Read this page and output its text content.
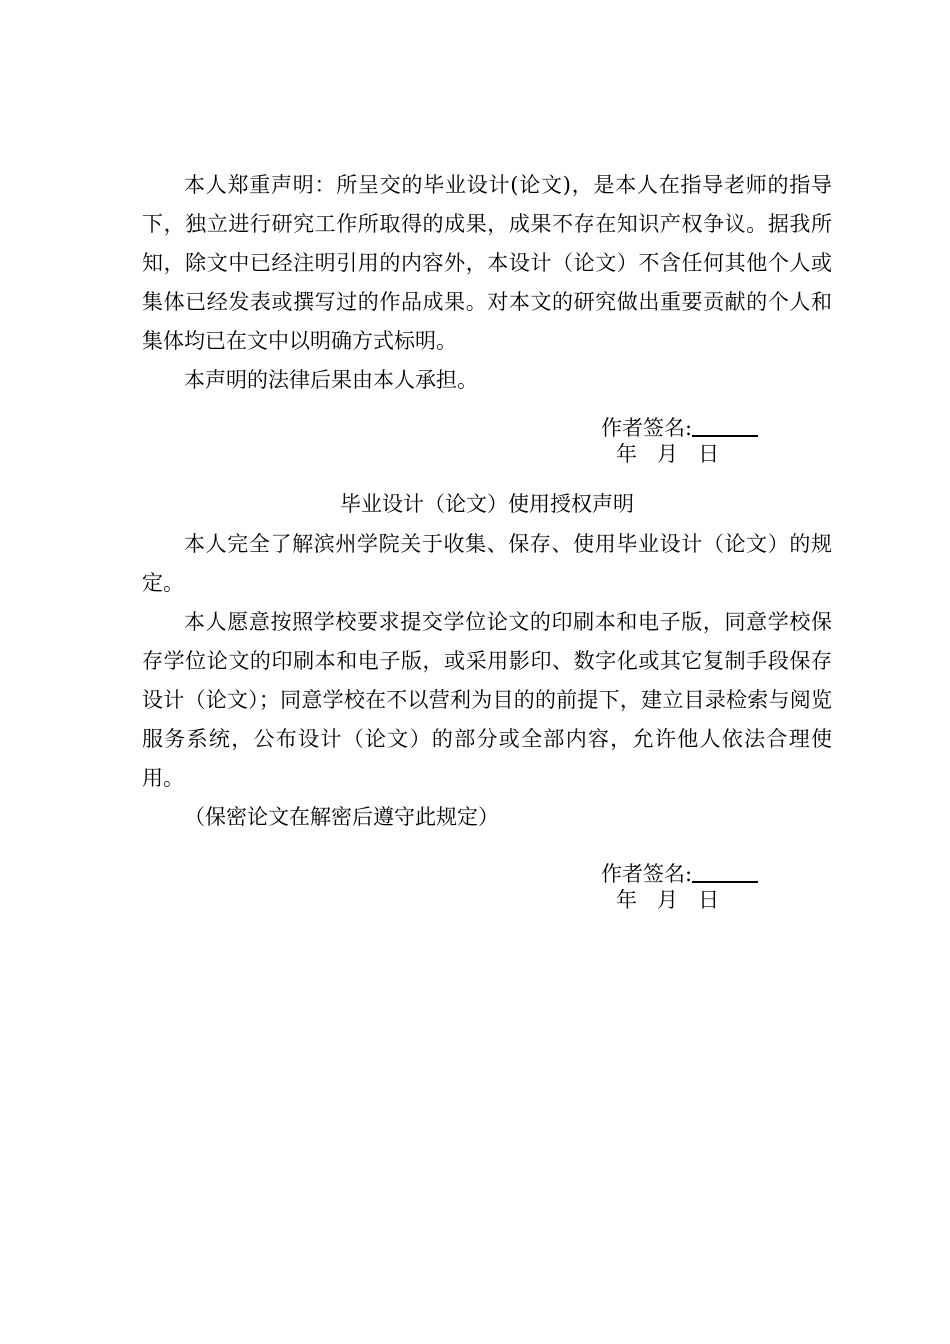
本人郑重声明：所呈交的毕业设计(论文)，是本人在指导老师的指导下，独立进行研究工作所取得的成果，成果不存在知识产权争议。据我所知，除文中已经注明引用的内容外，本设计（论文）不含任何其他个人或集体已经发表或撰写过的作品成果。对本文的研究做出重要贡献的个人和集体均已在文中以明确方式标明。

本声明的法律后果由本人承担。

作者签名:
年 月 日
毕业设计（论文）使用授权声明

本人完全了解滨州学院关于收集、保存、使用毕业设计（论文）的规定。

本人愿意按照学校要求提交学位论文的印刷本和电子版，同意学校保存学位论文的印刷本和电子版，或采用影印、数字化或其它复制手段保存设计（论文）；同意学校在不以营利为目的的前提下，建立目录检索与阅览服务系统，公布设计（论文）的部分或全部内容，允许他人依法合理使用。

（保密论文在解密后遵守此规定）

作者签名:
年 月 日
